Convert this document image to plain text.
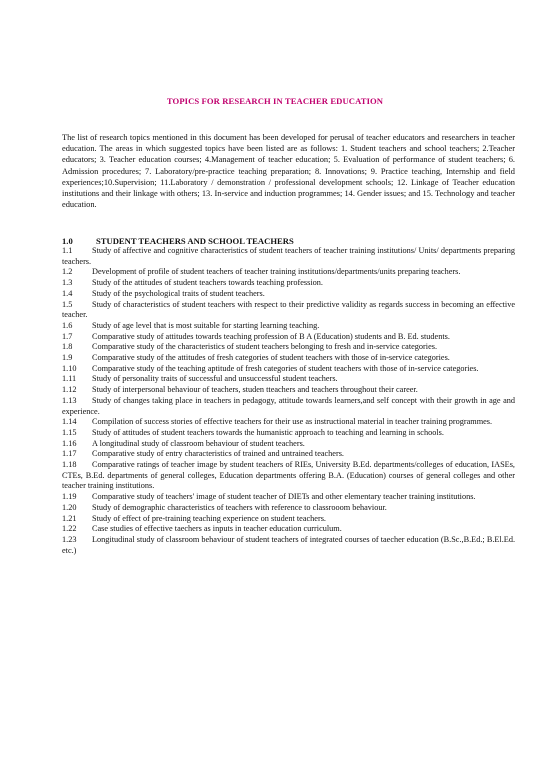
TOPICS FOR RESEARCH IN TEACHER EDUCATION

The list of research topics mentioned in this document has been developed for perusal of teacher educators and researchers in teacher education. The areas in which suggested topics have been listed are as follows: 1. Student teachers and school teachers; 2.Teacher educators; 3. Teacher education courses; 4.Management of teacher education; 5. Evaluation of performance of student teachers; 6. Admission procedures; 7. Laboratory/pre-practice teaching preparation; 8. Innovations; 9. Practice teaching, Internship and field experiences;10.Supervision; 11.Laboratory / demonstration / professional development schools; 12. Linkage of Teacher education institutions and their linkage with others; 13. In-service and induction programmes; 14. Gender issues; and 15. Technology and teacher education.

1.0	STUDENT TEACHERS AND SCHOOL TEACHERS

1.1 Study of affective and cognitive characteristics of student teachers of teacher training institutions/ Units/ departments preparing teachers.

1.2 Development of profile of student teachers of teacher training institutions/departments/units preparing teachers.

1.3 Study of the attitudes of student teachers towards teaching profession.

1.4 Study of the psychological traits of student teachers.

1.5 Study of characteristics of student teachers with respect to their predictive validity as regards success in becoming an effective teacher.

1.6 Study of age level that is most suitable for starting learning teaching.

1.7 Comparative study of attitudes towards teaching profession of B A (Education) students and B. Ed. students.

1.8 Comparative study of the characteristics of student teachers belonging to fresh and in-service categories.

1.9 Comparative study of the attitudes of fresh categories of student teachers with those of in-service categories.

1.10 Comparative study of the teaching aptitude of fresh categories of student teachers with those of in-service categories.

1.11 Study of personality traits of successful and unsuccessful student teachers.

1.12 Study of interpersonal behaviour of teachers, studen tteachers and teachers throughout their career.

1.13 Study of changes taking place in teachers in pedagogy, attitude towards learners,and self concept with their growth in age and experience.

1.14 Compilation of success stories of effective teachers for their use as instructional material in teacher training programmes.

1.15 Study of attitudes of student teachers towards the humanistic approach to teaching and learning in schools.

1.16 A longitudinal study of classroom behaviour of student teachers.

1.17 Comparative study of entry characteristics of trained and untrained teachers.

1.18 Comparative ratings of teacher image by student teachers of RIEs, University B.Ed. departments/colleges of education, IASEs, CTEs, B.Ed. departments of general colleges, Education departments offering B.A. (Education) courses of general colleges and other teacher training institutions.

1.19 Comparative study of teachers' image of student teacher of DIETs and other elementary teacher training institutions.

1.20 Study of demographic characteristics of teachers with reference to classrooom behaviour.

1.21 Study of effect of pre-training teaching experience on student teachers.

1.22 Case studies of effective taechers as inputs in teacher education curriculum.

1.23 Longitudinal study of classroom behaviour of student teachers of integrated courses of taecher education (B.Sc.,B.Ed.; B.El.Ed. etc.)
